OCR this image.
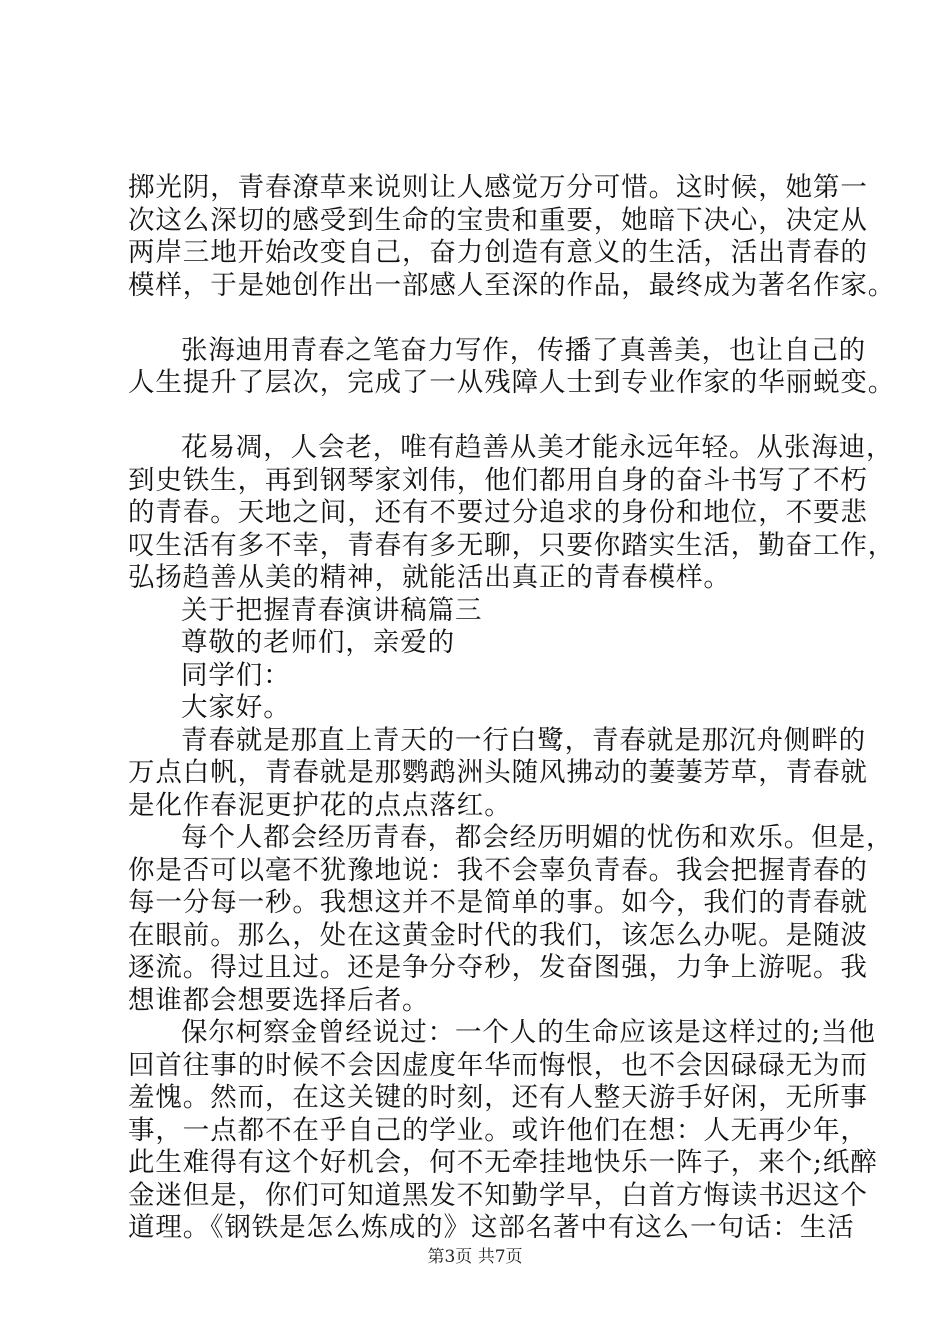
掷光阴，青春潦草来说则让人感觉万分可惜。这时候，她第一
次这么深切的感受到生命的宝贵和重要，她暗下决心，决定从
两岸三地开始改变自己，奋力创造有意义的生活，活出青春的
模样，于是她创作出一部感人至深的作品，最终成为著名作家。
张海迪用青春之笔奋力写作，传播了真善美，也让自己的
人生提升了层次，完成了一从残障人士到专业作家的华丽蜕变。
花易凋，人会老，唯有趋善从美才能永远年轻。从张海迪，
到史铁生，再到钢琴家刘伟，他们都用自身的奋斗书写了不朽
的青春。天地之间，还有不要过分追求的身份和地位，不要悲
叹生活有多不幸，青春有多无聊，只要你踏实生活，勤奋工作，
弘扬趋善从美的精神，就能活出真正的青春模样。
关于把握青春演讲稿篇三
尊敬的老师们，亲爱的
同学们：
大家好。
青春就是那直上青天的一行白鹭，青春就是那沉舟侧畔的
万点白帆，青春就是那鹦鹉洲头随风拂动的萋萋芳草，青春就
是化作春泥更护花的点点落红。
每个人都会经历青春，都会经历明媚的忧伤和欢乐。但是，
你是否可以毫不犹豫地说：我不会辜负青春。我会把握青春的
每一分每一秒。我想这并不是简单的事。如今，我们的青春就
在眼前。那么，处在这黄金时代的我们，该怎么办呢。是随波
逐流。得过且过。还是争分夺秒，发奋图强，力争上游呢。我
想谁都会想要选择后者。
保尔柯察金曾经说过：一个人的生命应该是这样过的;当他
回首往事的时候不会因虚度年华而悔恨，也不会因碌碌无为而
羞愧。然而，在这关键的时刻，还有人整天游手好闲，无所事
事，一点都不在乎自己的学业。或许他们在想：人无再少年，
此生难得有这个好机会，何不无牵挂地快乐一阵子，来个;纸醉
金迷但是，你们可知道黑发不知勤学早，白首方悔读书迟这个
道理。《钢铁是怎么炼成的》这部名著中有这么一句话：生活
第3页 共7页
